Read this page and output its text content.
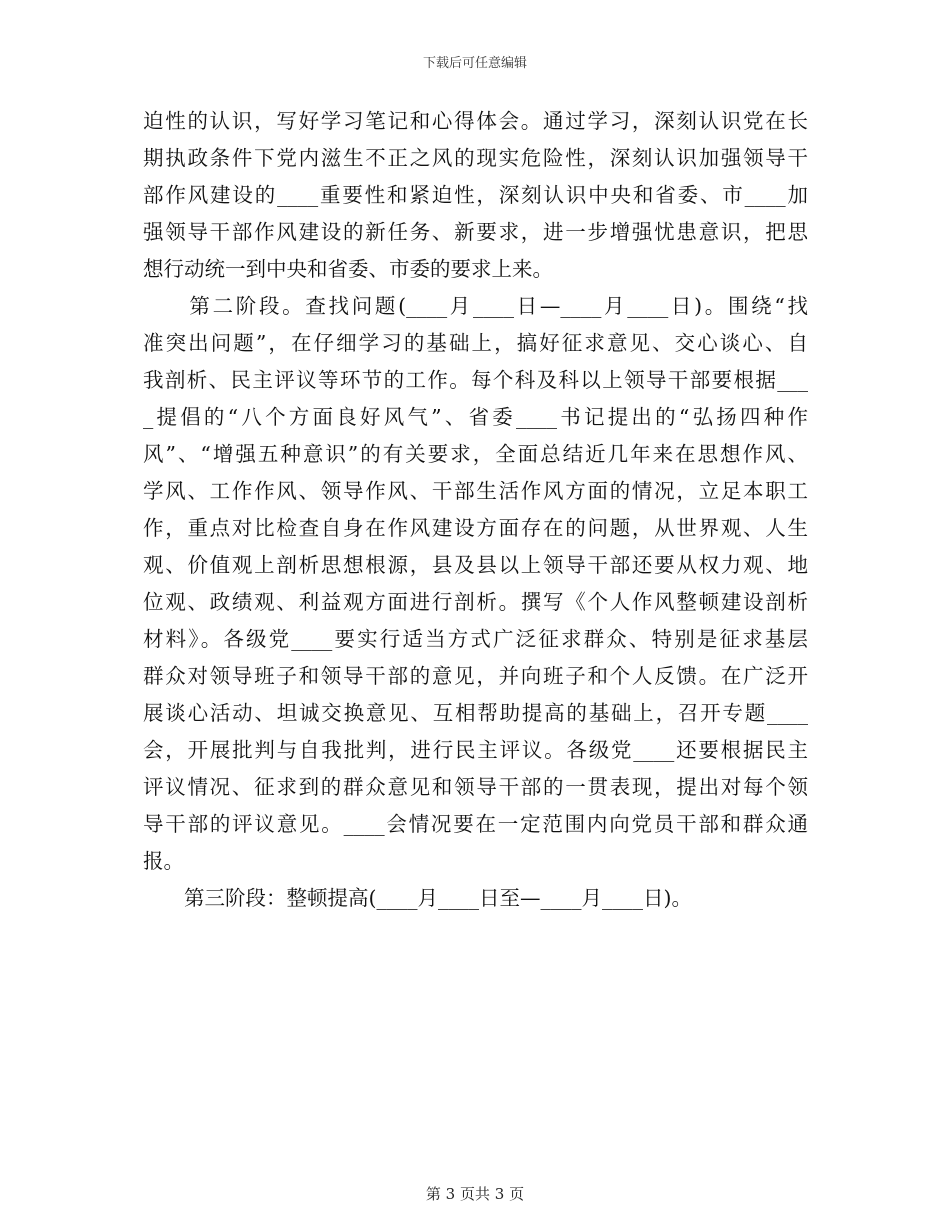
下载后可任意编辑
迫性的认识，写好学习笔记和心得体会。通过学习，深刻认识党在长
期执政条件下党内滋生不正之风的现实危险性，深刻认识加强领导干
部作风建设的____重要性和紧迫性，深刻认识中央和省委、市____加
强领导干部作风建设的新任务、新要求，进一步增强忧患意识，把思
想行动统一到中央和省委、市委的要求上来。
　　第二阶段。查找问题(____月____日—____月____日)。围绕“找
准突出问题”，在仔细学习的基础上，搞好征求意见、交心谈心、自
我剖析、民主评议等环节的工作。每个科及科以上领导干部要根据___
_提倡的“八个方面良好风气”、省委____书记提出的“弘扬四种作
风”、“增强五种意识”的有关要求，全面总结近几年来在思想作风、
学风、工作作风、领导作风、干部生活作风方面的情况，立足本职工
作，重点对比检查自身在作风建设方面存在的问题，从世界观、人生
观、价值观上剖析思想根源，县及县以上领导干部还要从权力观、地
位观、政绩观、利益观方面进行剖析。撰写《个人作风整顿建设剖析
材料》。各级党____要实行适当方式广泛征求群众、特别是征求基层
群众对领导班子和领导干部的意见，并向班子和个人反馈。在广泛开
展谈心活动、坦诚交换意见、互相帮助提高的基础上，召开专题____
会，开展批判与自我批判，进行民主评议。各级党____还要根据民主
评议情况、征求到的群众意见和领导干部的一贯表现，提出对每个领
导干部的评议意见。____会情况要在一定范围内向党员干部和群众通
报。
　　第三阶段：整顿提高(____月____日至—____月____日)。
第 3 页共 3 页
